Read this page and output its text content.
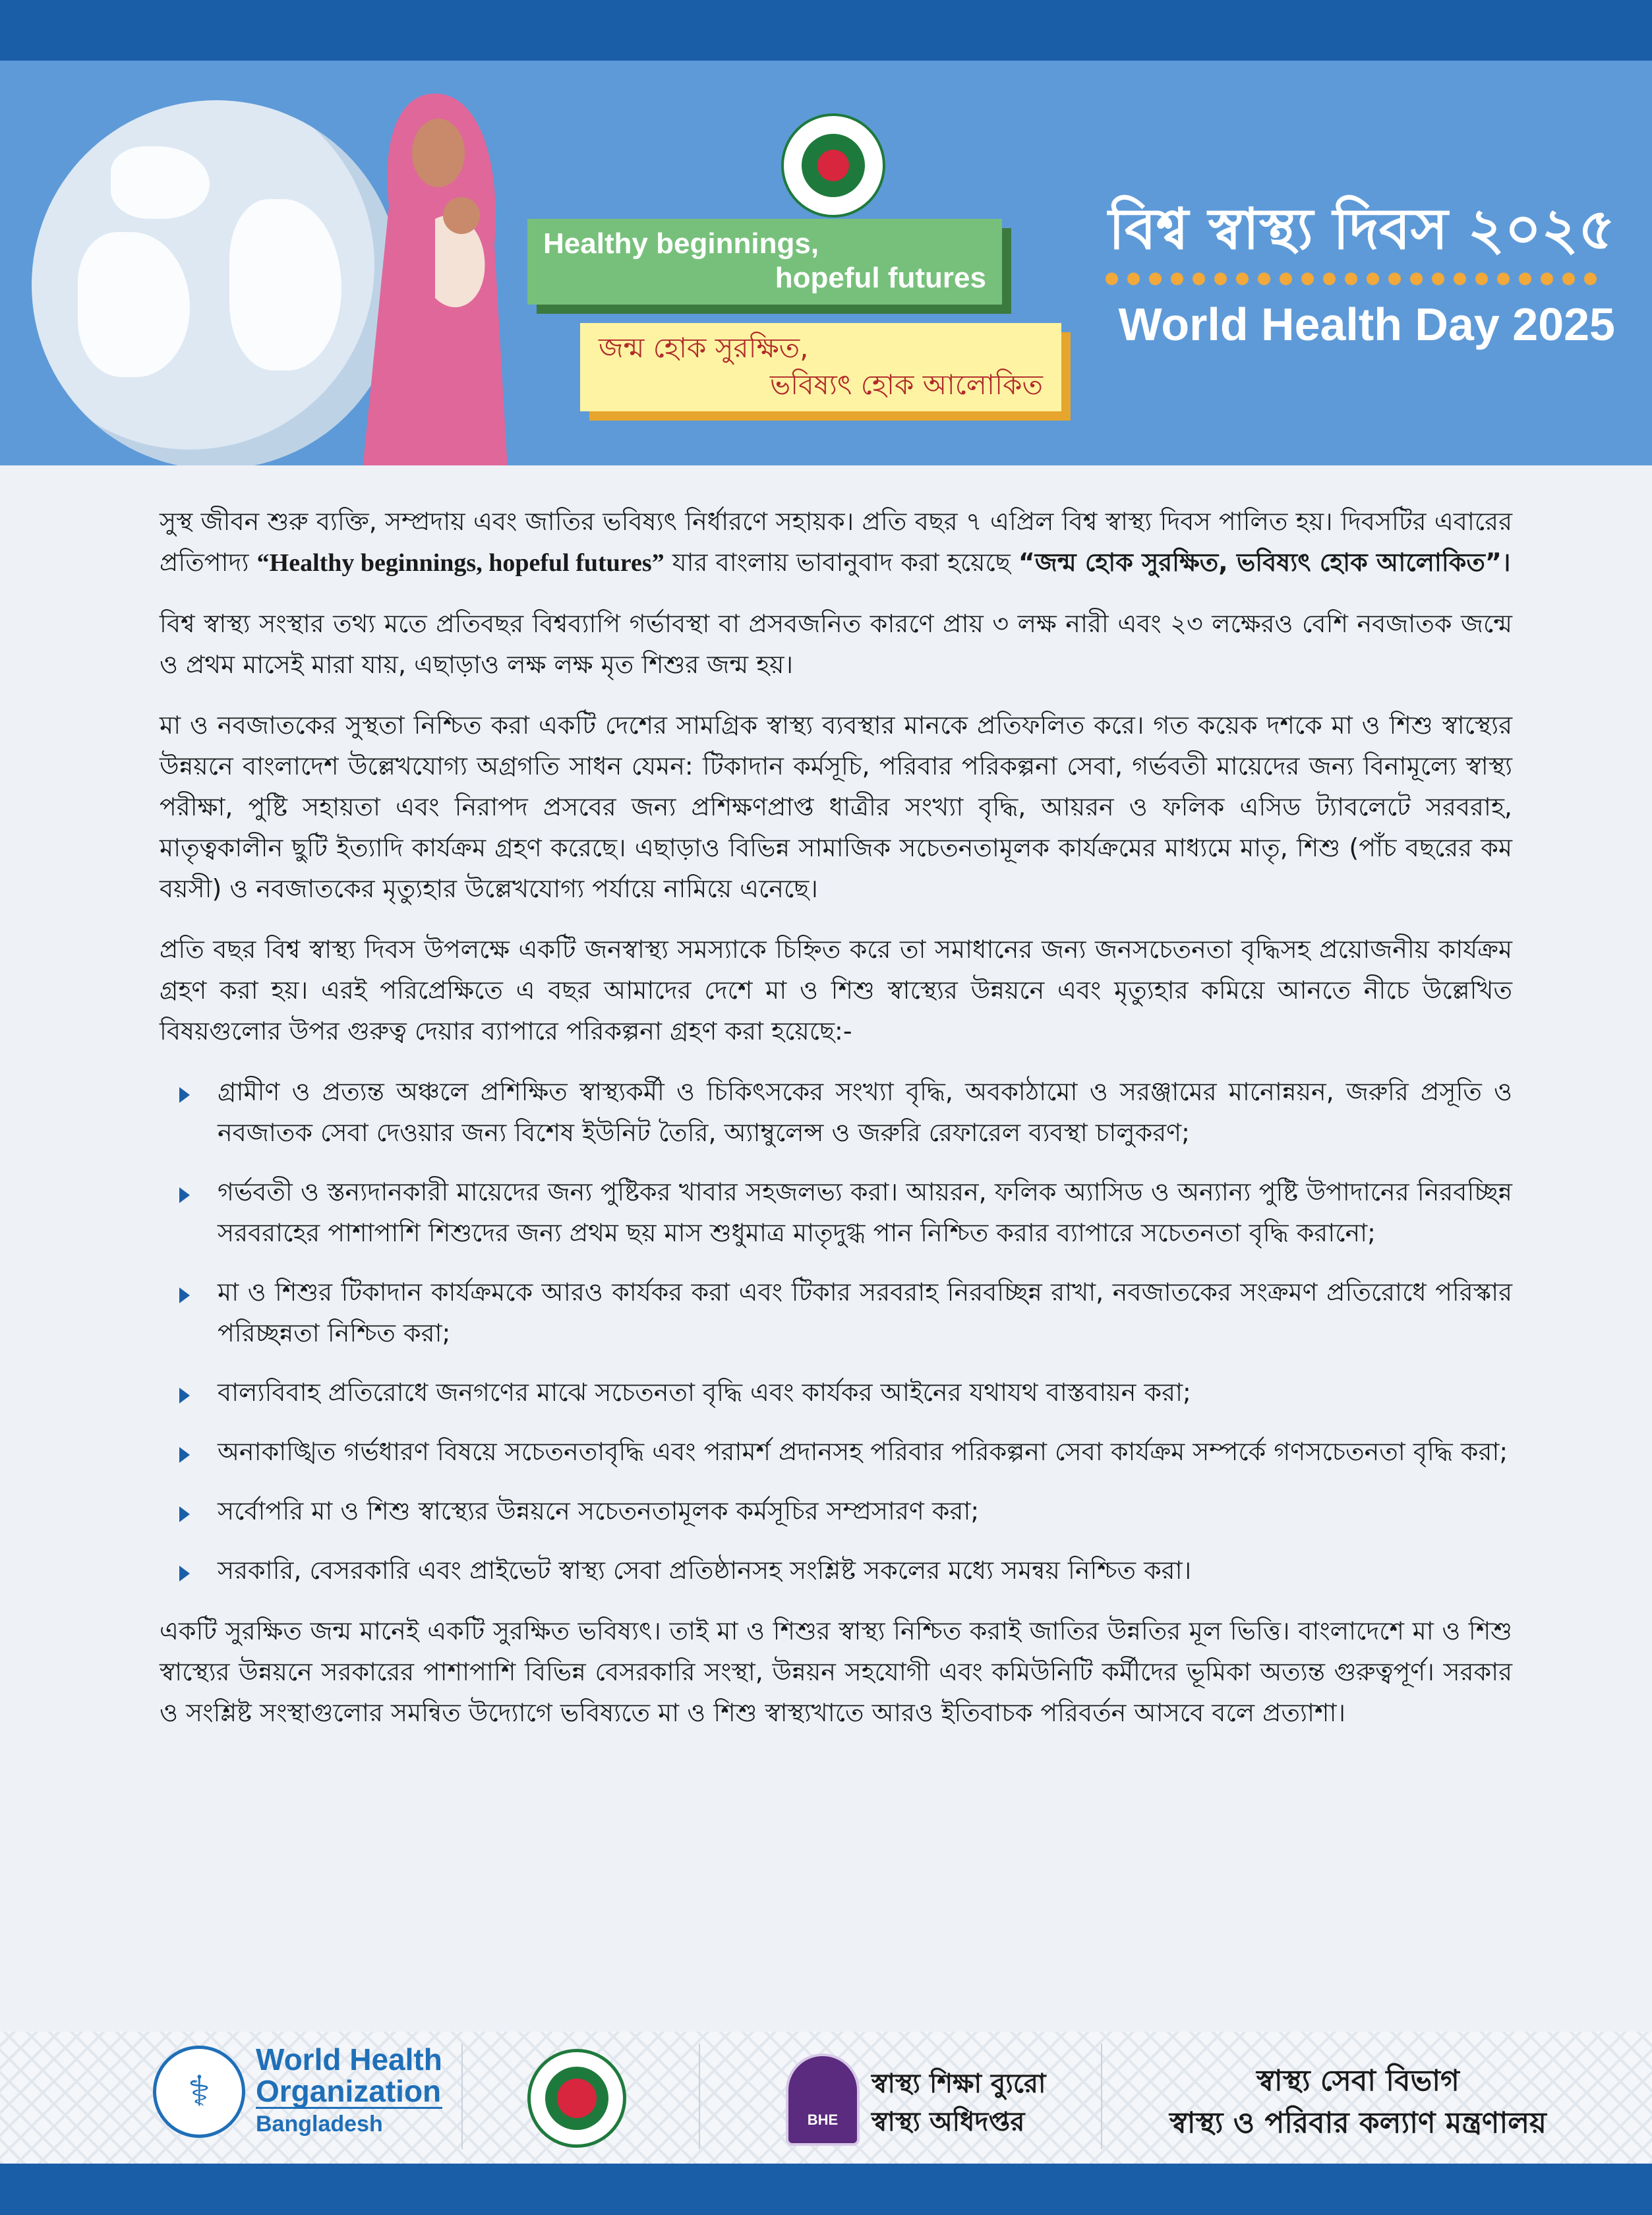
Healthy beginnings,
hopeful futures
জন্ম হোক সুরক্ষিত,
ভবিষ্যৎ হোক আলোকিত
বিশ্ব স্বাস্থ্য দিবস ২০২৫
World Health Day 2025

সুস্থ জীবন শুরু ব্যক্তি, সম্প্রদায় এবং জাতির ভবিষ্যৎ নির্ধারণে সহায়ক। প্রতি বছর ৭ এপ্রিল বিশ্ব স্বাস্থ্য দিবস পালিত হয়। দিবসটির এবারের প্রতিপাদ্য “Healthy beginnings, hopeful futures” যার বাংলায় ভাবানুবাদ করা হয়েছে “জন্ম হোক সুরক্ষিত, ভবিষ্যৎ হোক আলোকিত”।

বিশ্ব স্বাস্থ্য সংস্থার তথ্য মতে প্রতিবছর বিশ্বব্যাপি গর্ভাবস্থা বা প্রসবজনিত কারণে প্রায় ৩ লক্ষ নারী এবং ২৩ লক্ষেরও বেশি নবজাতক জন্মে ও প্রথম মাসেই মারা যায়, এছাড়াও লক্ষ লক্ষ মৃত শিশুর জন্ম হয়।

মা ও নবজাতকের সুস্থতা নিশ্চিত করা একটি দেশের সামগ্রিক স্বাস্থ্য ব্যবস্থার মানকে প্রতিফলিত করে। গত কয়েক দশকে মা ও শিশু স্বাস্থ্যের উন্নয়নে বাংলাদেশ উল্লেখযোগ্য অগ্রগতি সাধন যেমন: টিকাদান কর্মসূচি, পরিবার পরিকল্পনা সেবা, গর্ভবতী মায়েদের জন্য বিনামূল্যে স্বাস্থ্য পরীক্ষা, পুষ্টি সহায়তা এবং নিরাপদ প্রসবের জন্য প্রশিক্ষণপ্রাপ্ত ধাত্রীর সংখ্যা বৃদ্ধি, আয়রন ও ফলিক এসিড ট্যাবলেটে সরবরাহ, মাতৃত্বকালীন ছুটি ইত্যাদি কার্যক্রম গ্রহণ করেছে। এছাড়াও বিভিন্ন সামাজিক সচেতনতামূলক কার্যক্রমের মাধ্যমে মাতৃ, শিশু (পাঁচ বছরের কম বয়সী) ও নবজাতকের মৃত্যুহার উল্লেখযোগ্য পর্যায়ে নামিয়ে এনেছে।

প্রতি বছর বিশ্ব স্বাস্থ্য দিবস উপলক্ষে একটি জনস্বাস্থ্য সমস্যাকে চিহ্নিত করে তা সমাধানের জন্য জনসচেতনতা বৃদ্ধিসহ প্রয়োজনীয় কার্যক্রম গ্রহণ করা হয়। এরই পরিপ্রেক্ষিতে এ বছর আমাদের দেশে মা ও শিশু স্বাস্থ্যের উন্নয়নে এবং মৃত্যুহার কমিয়ে আনতে নীচে উল্লেখিত বিষয়গুলোর উপর গুরুত্ব দেয়ার ব্যাপারে পরিকল্পনা গ্রহণ করা হয়েছে:-

গ্রামীণ ও প্রত্যন্ত অঞ্চলে প্রশিক্ষিত স্বাস্থ্যকর্মী ও চিকিৎসকের সংখ্যা বৃদ্ধি, অবকাঠামো ও সরঞ্জামের মানোন্নয়ন, জরুরি প্রসূতি ও নবজাতক সেবা দেওয়ার জন্য বিশেষ ইউনিট তৈরি, অ্যাম্বুলেন্স ও জরুরি রেফারেল ব্যবস্থা চালুকরণ;
গর্ভবতী ও স্তন্যদানকারী মায়েদের জন্য পুষ্টিকর খাবার সহজলভ্য করা। আয়রন, ফলিক অ্যাসিড ও অন্যান্য পুষ্টি উপাদানের নিরবচ্ছিন্ন সরবরাহের পাশাপাশি শিশুদের জন্য প্রথম ছয় মাস শুধুমাত্র মাতৃদুগ্ধ পান নিশ্চিত করার ব্যাপারে সচেতনতা বৃদ্ধি করানো;
মা ও শিশুর টিকাদান কার্যক্রমকে আরও কার্যকর করা এবং টিকার সরবরাহ নিরবচ্ছিন্ন রাখা, নবজাতকের সংক্রমণ প্রতিরোধে পরিস্কার পরিচ্ছন্নতা নিশ্চিত করা;
বাল্যবিবাহ প্রতিরোধে জনগণের মাঝে সচেতনতা বৃদ্ধি এবং কার্যকর আইনের যথাযথ বাস্তবায়ন করা;
অনাকাঙ্খিত গর্ভধারণ বিষয়ে সচেতনতাবৃদ্ধি এবং পরামর্শ প্রদানসহ পরিবার পরিকল্পনা সেবা কার্যক্রম সম্পর্কে গণসচেতনতা বৃদ্ধি করা;
সর্বোপরি মা ও শিশু স্বাস্থ্যের উন্নয়নে সচেতনতামূলক কর্মসূচির সম্প্রসারণ করা;
সরকারি, বেসরকারি এবং প্রাইভেট স্বাস্থ্য সেবা প্রতিষ্ঠানসহ সংশ্লিষ্ট সকলের মধ্যে সমন্বয় নিশ্চিত করা।

একটি সুরক্ষিত জন্ম মানেই একটি সুরক্ষিত ভবিষ্যৎ। তাই মা ও শিশুর স্বাস্থ্য নিশ্চিত করাই জাতির উন্নতির মূল ভিত্তি। বাংলাদেশে মা ও শিশু স্বাস্থ্যের উন্নয়নে সরকারের পাশাপাশি বিভিন্ন বেসরকারি সংস্থা, উন্নয়ন সহযোগী এবং কমিউনিটি কর্মীদের ভূমিকা অত্যন্ত গুরুত্বপূর্ণ। সরকার ও সংশ্লিষ্ট সংস্থাগুলোর সমন্বিত উদ্যোগে ভবিষ্যতে মা ও শিশু স্বাস্থ্যখাতে আরও ইতিবাচক পরিবর্তন আসবে বলে প্রত্যাশা।

⚕
World Health
Organization
Bangladesh	BHE
স্বাস্থ্য শিক্ষা ব্যুরো
স্বাস্থ্য অধিদপ্তর
স্বাস্থ্য সেবা বিভাগ
স্বাস্থ্য ও পরিবার কল্যাণ মন্ত্রণালয়
